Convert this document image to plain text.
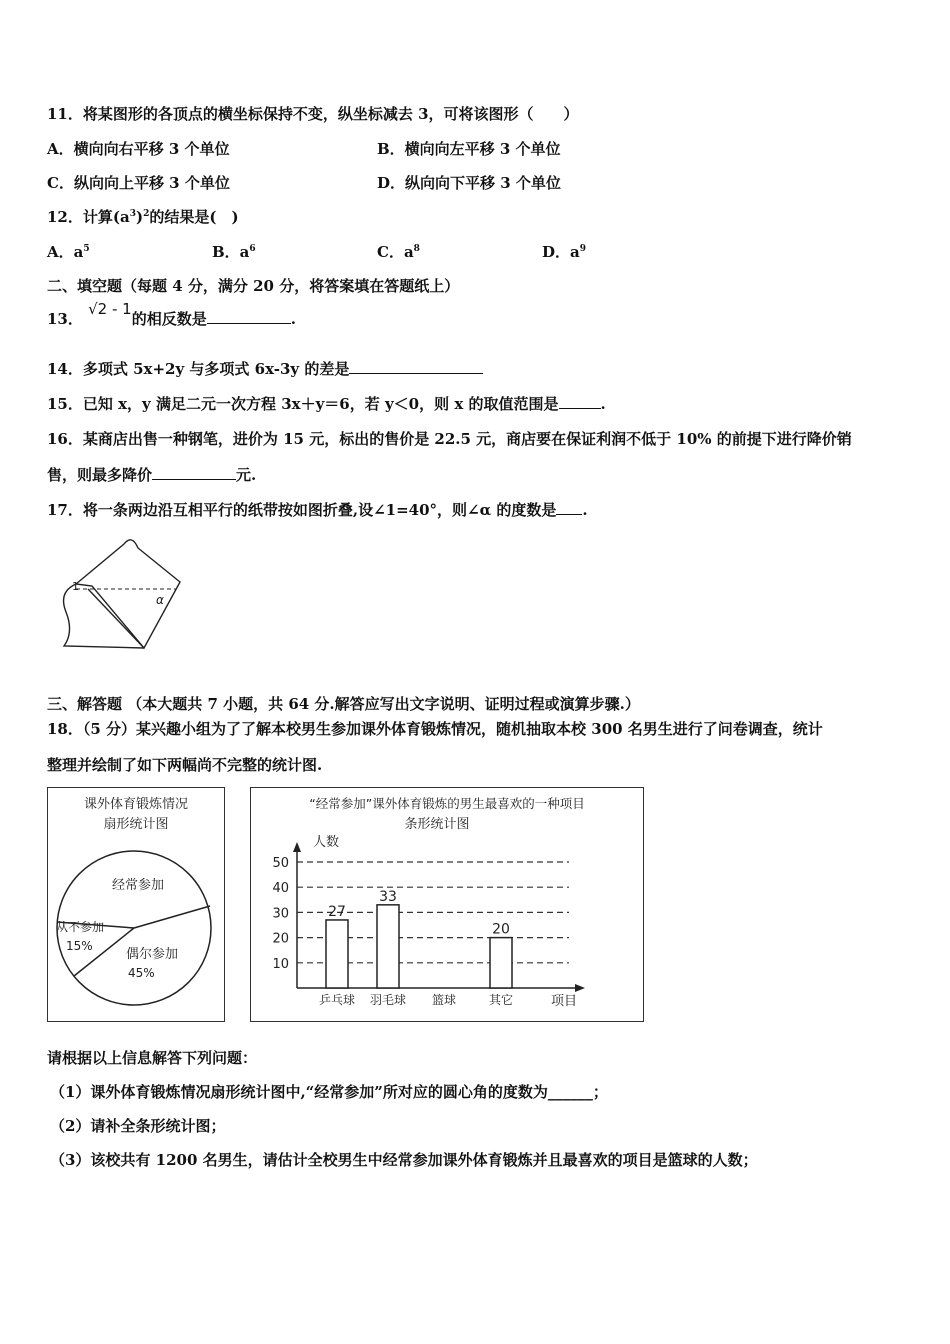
11．将某图形的各顶点的横坐标保持不变，纵坐标减去 3，可将该图形（　　）
A．横向向右平移 3 个单位	B．横向向左平移 3 个单位
C．纵向向上平移 3 个单位	D．纵向向下平移 3 个单位
12．计算$(a^3)^2$的结果是(　)
A．$a^5$	B．$a^6$	C．$a^8$	D．$a^9$
二、填空题（每题 4 分，满分 20 分，将答案填在答题纸上）
13． √2 - 1的相反数是	.
14．多项式 5x+2y 与多项式 6x-3y 的差是
15．已知 x，y 满足二元一次方程 3x＋y＝6，若 y＜0，则 x 的取值范围是	.
16．某商店出售一种钢笔，进价为 15 元，标出的售价是 22.5 元，商店要在保证利润不低于 10% 的前提下进行降价销
售，则最多降价	元.
17．将一条两边沿互相平行的纸带按如图折叠,设∠1=40°，则∠α 的度数是 .
1
α
三、解答题 （本大题共 7 小题，共 64 分.解答应写出文字说明、证明过程或演算步骤.）
18．（5 分）某兴趣小组为了了解本校男生参加课外体育锻炼情况，随机抽取本校 300 名男生进行了问卷调查，统计
整理并绘制了如下两幅尚不完整的统计图.
课外体育锻炼情况
扇形统计图
经常参加
从不参加
15%
偶尔参加
45%
“经常参加”课外体育锻炼的男生最喜欢的一种项目
条形统计图
人数
项目
10
20
30
40
50
27
乒乓球
33
羽毛球 篮球
20
其它
请根据以上信息解答下列问题：
（1）课外体育锻炼情况扇形统计图中,“经常参加”所对应的圆心角的度数为______；
（2）请补全条形统计图；
（3）该校共有 1200 名男生，请估计全校男生中经常参加课外体育锻炼并且最喜欢的项目是篮球的人数；
